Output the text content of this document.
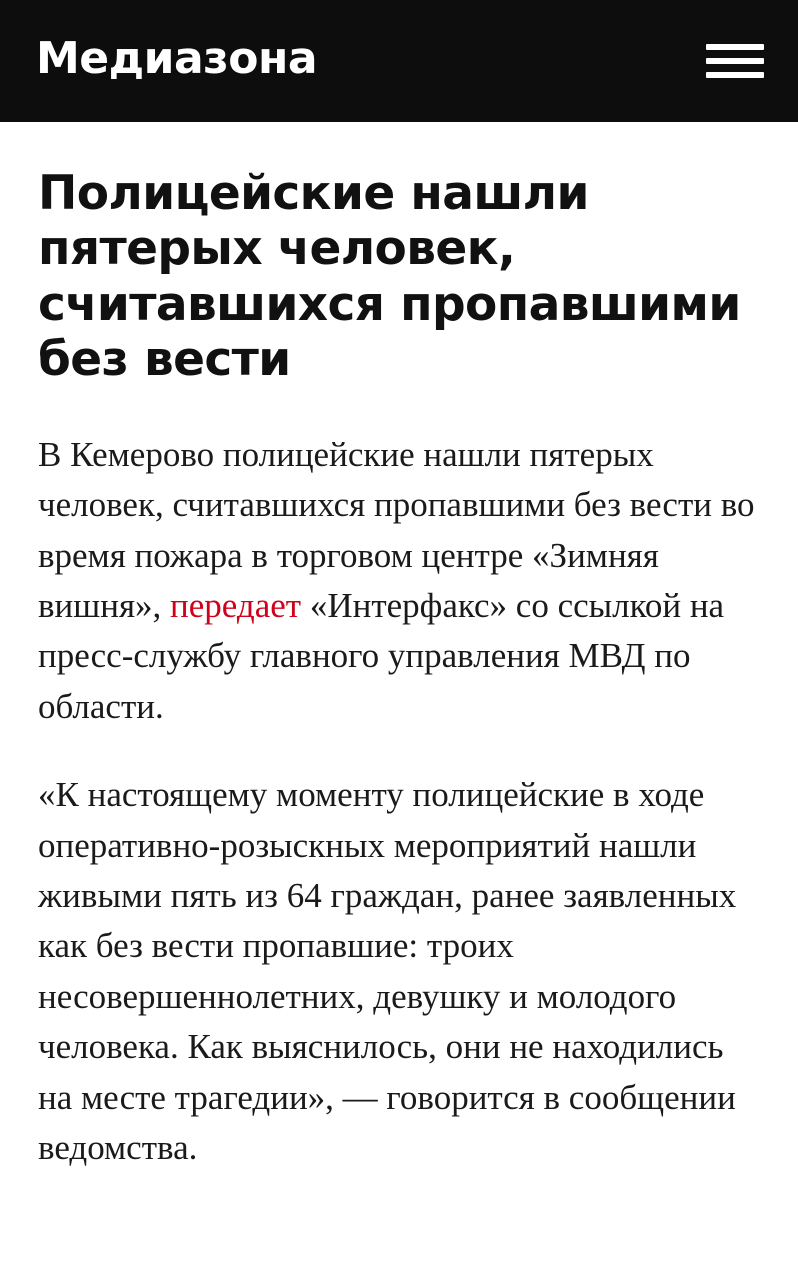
Медиазона
Полицейские нашли пятерых человек, считавшихся пропавшими без вести

В Кемерово полицейские нашли пятерых человек, считавшихся пропавшими без вести во время пожара в торговом центре «Зимняя вишня», передает «Интерфакс» со ссылкой на пресс-службу главного управления МВД по области.

«К настоящему моменту полицейские в ходе оперативно-розыскных мероприятий нашли живыми пять из 64 граждан, ранее заявленных как без вести пропавшие: троих несовершеннолетних, девушку и молодого человека. Как выяснилось, они не находились на месте трагедии», — говорится в сообщении ведомства.
